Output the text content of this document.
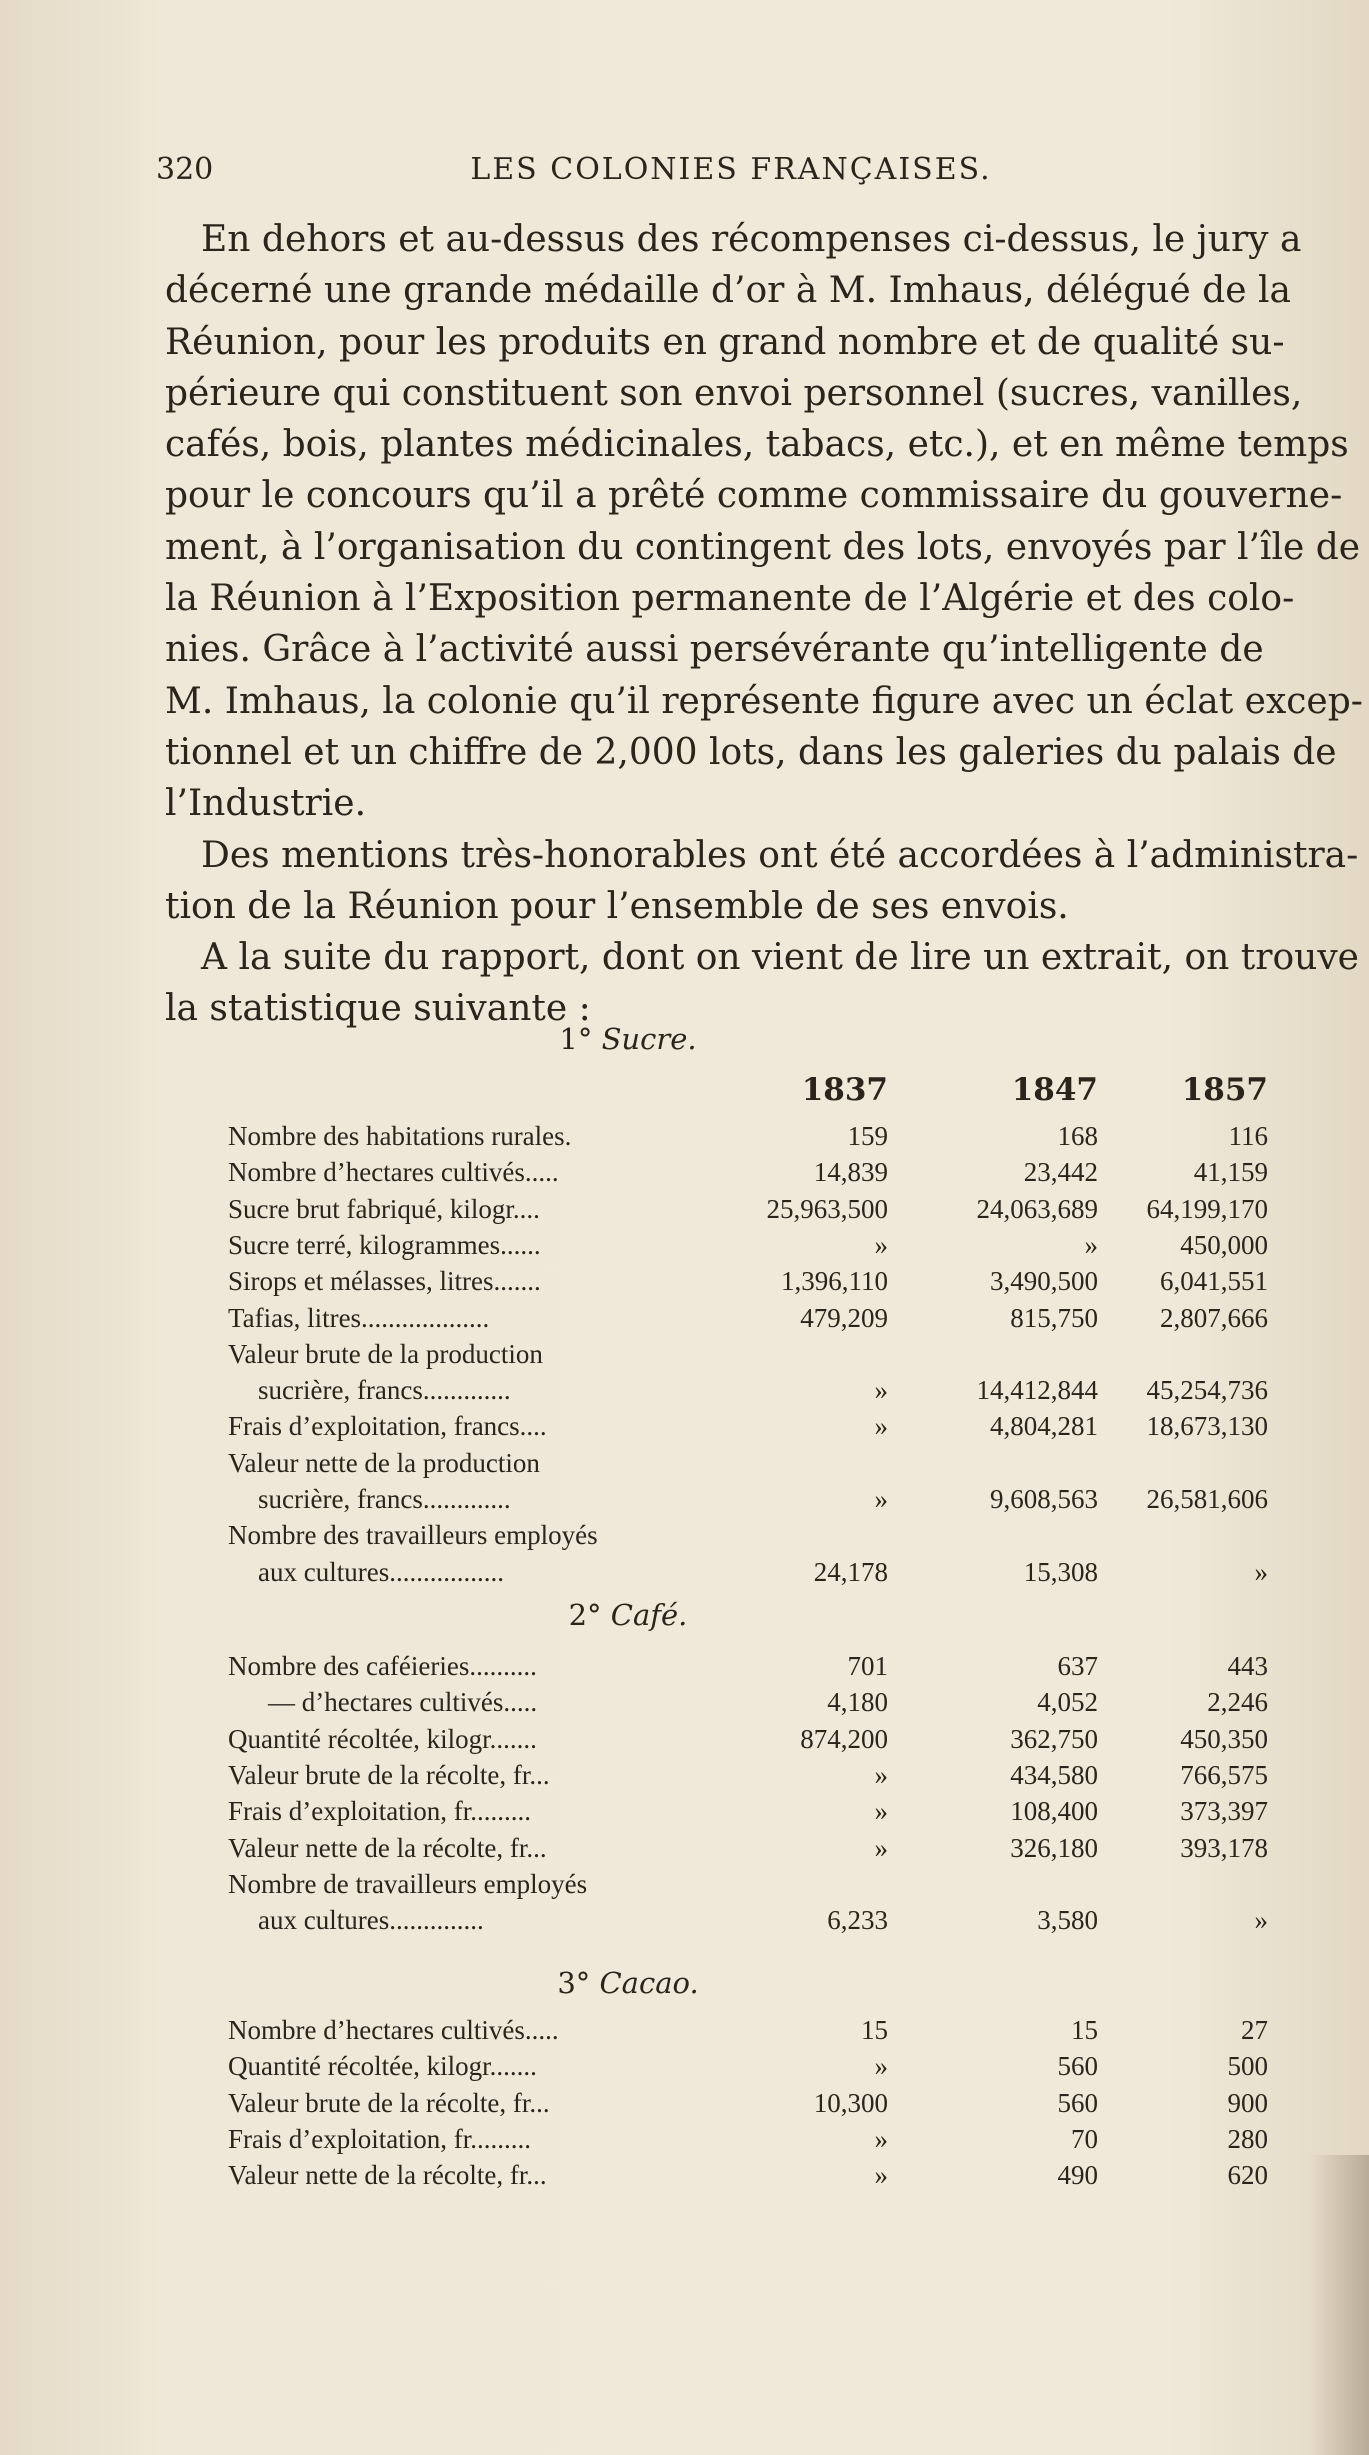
320	LES COLONIES FRANÇAISES.
En dehors et au-dessus des récompenses ci-dessus, le jury a
décerné une grande médaille d’or à M. Imhaus, délégué de la
Réunion, pour les produits en grand nombre et de qualité su-
périeure qui constituent son envoi personnel (sucres, vanilles,
cafés, bois, plantes médicinales, tabacs, etc.), et en même temps
pour le concours qu’il a prêté comme commissaire du gouverne-
ment, à l’organisation du contingent des lots, envoyés par l’île de
la Réunion à l’Exposition permanente de l’Algérie et des colo-
nies. Grâce à l’activité aussi persévérante qu’intelligente de
M. Imhaus, la colonie qu’il représente figure avec un éclat excep-
tionnel et un chiffre de 2,000 lots, dans les galeries du palais de
l’Industrie.
Des mentions très-honorables ont été accordées à l’administra-
tion de la Réunion pour l’ensemble de ses envois.
A la suite du rapport, dont on vient de lire un extrait, on trouve
la statistique suivante :
1° Sucre.
1837	1847	1857
Nombre des habitations rurales.	159	168	116
Nombre d’hectares cultivés.....	14,839	23,442	41,159
Sucre brut fabriqué, kilogr....	25,963,500	24,063,689	64,199,170
Sucre terré, kilogrammes......	»	»	450,000
Sirops et mélasses, litres.......	1,396,110	3,490,500	6,041,551
Tafias, litres...................	479,209	815,750	2,807,666
Valeur brute de la production
sucrière, francs.............	»	14,412,844	45,254,736
Frais d’exploitation, francs....	»	4,804,281	18,673,130
Valeur nette de la production
sucrière, francs.............	»	9,608,563	26,581,606
Nombre des travailleurs employés
aux cultures.................	24,178	15,308	»
2° Café.
Nombre des caféieries..........	701	637	443
— d’hectares cultivés.....	4,180	4,052	2,246
Quantité récoltée, kilogr.......	874,200	362,750	450,350
Valeur brute de la récolte, fr...	»	434,580	766,575
Frais d’exploitation, fr.........	»	108,400	373,397
Valeur nette de la récolte, fr...	»	326,180	393,178
Nombre de travailleurs employés
aux cultures..............	6,233	3,580	»
3° Cacao.
Nombre d’hectares cultivés.....	15	15	27
Quantité récoltée, kilogr.......	»	560	500
Valeur brute de la récolte, fr...	10,300	560	900
Frais d’exploitation, fr.........	»	70	280
Valeur nette de la récolte, fr...	»	490	620
